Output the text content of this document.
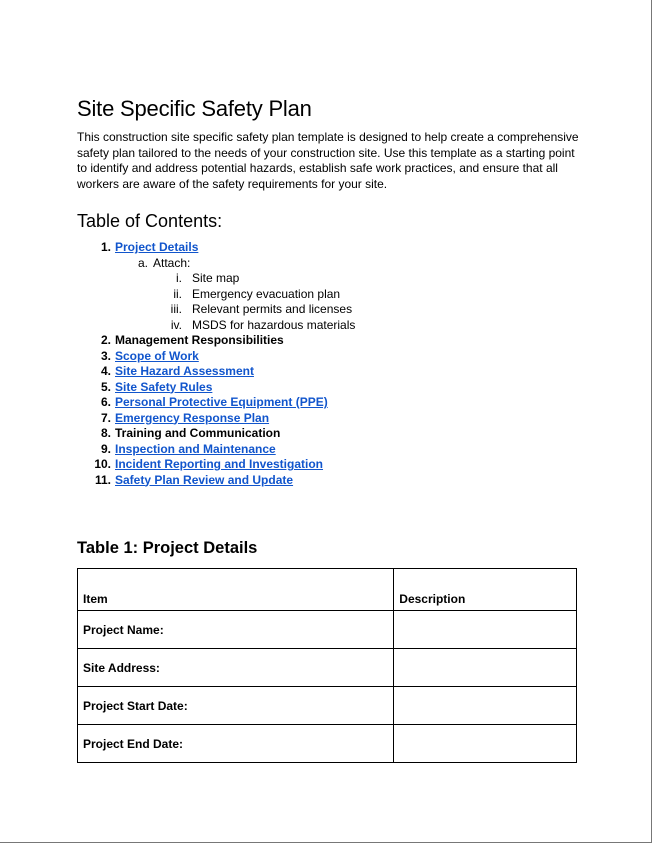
Site Specific Safety Plan
This construction site specific safety plan template is designed to help create a comprehensive
safety plan tailored to the needs of your construction site. Use this template as a starting point
to identify and address potential hazards, establish safe work practices, and ensure that all
workers are aware of the safety requirements for your site.
Table of Contents:
1. Project Details
a. Attach:
i. Site map
ii. Emergency evacuation plan
iii. Relevant permits and licenses
iv. MSDS for hazardous materials
2. Management Responsibilities
3. Scope of Work
4. Site Hazard Assessment
5. Site Safety Rules
6. Personal Protective Equipment (PPE)
7. Emergency Response Plan
8. Training and Communication
9. Inspection and Maintenance
10. Incident Reporting and Investigation
11. Safety Plan Review and Update
Table 1: Project Details
Item	Description
Project Name:	
Site Address:	
Project Start Date:	
Project End Date:	
